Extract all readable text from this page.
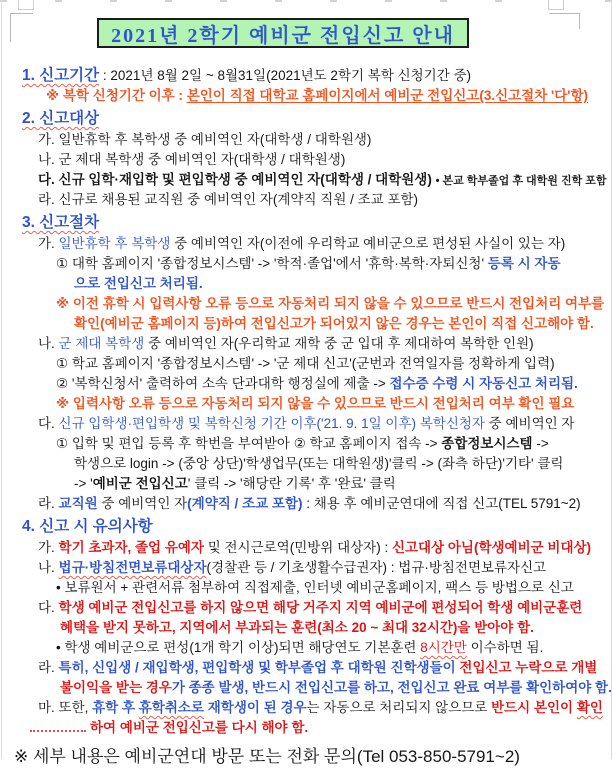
2021년 2학기 예비군 전입신고 안내
1. 신고기간 : 2021년 8월 2일 ~ 8월31일(2021년도 2학기 복학 신청기간 중)
※ 복학 신청기간 이후 : 본인이 직접 대학교 홈페이지에서 예비군 전입신고(3.신고절차 '다'항)
2. 신고대상
가. 일반휴학 후 복학생 중 예비역인 자(대학생 / 대학원생)
나. 군 제대 복학생 중 예비역인 자(대학생 / 대학원생)
다. 신규 입학·재입학 및 편입학생 중 예비역인 자(대학생 / 대학원생) • 본교 학부졸업 후 대학원 진학 포함
라. 신규로 채용된 교직원 중 예비역인 자(계약직 직원 / 조교 포함)
3. 신고절차
가. 일반휴학 후 복학생 중 예비역인 자(이전에 우리학교 예비군으로 편성된 사실이 있는 자)
① 대학 홈페이지 '종합정보시스템' -> '학적·졸업'에서 '휴학·복학·자퇴신청' 등록 시 자동
으로 전입신고 처리됨.
※ 이전 휴학 시 입력사항 오류 등으로 자동처리 되지 않을 수 있으므로 반드시 전입처리 여부를
확인(예비군 홈페이지 등)하여 전입신고가 되어있지 않은 경우는 본인이 직접 신고해야 함.
나. 군 제대 복학생 중 예비역인 자(우리학교 재학 중 군 입대 후 제대하여 복학한 인원)
① 학교 홈페이지 '종합정보시스템' -> '군 제대 신고'(군번과 전역일자를 정확하게 입력)
② '복학신청서' 출력하여 소속 단과대학 행정실에 제출 -> 접수증 수령 시 자동신고 처리됨.
※ 입력사항 오류 등으로 자동처리 되지 않을 수 있으므로 반드시 전입처리 여부 확인 필요
다. 신규 입학생·편입학생 및 복학신청 기간 이후('21. 9. 1일 이후) 복학신청자 중 예비역인 자
① 입학 및 편입 등록 후 학번을 부여받아 ② 학교 홈페이지 접속 -> 종합정보시스템 ->
학생으로 login -> (중앙 상단)'학생업무(또는 대학원생)'클릭 -> (좌측 하단)'기타' 클릭
-> '예비군 전입신고' 클릭 -> '해당란 기록' 후 '완료' 클릭
라. 교직원 중 예비역인 자(계약직 / 조교 포함) : 채용 후 예비군연대에 직접 신고(TEL 5791~2)
4. 신고 시 유의사항
가. 학기 초과자, 졸업 유예자 및 전시근로역(민방위 대상자) : 신고대상 아님(학생예비군 비대상)
나. 법규·방침전면보류대상자(경찰관 등 / 기초생활수급권자) : 법규·방침전면보류자신고
• 보류원서 + 관련서류 첨부하여 직접제출, 인터넷 예비군홈페이지, 팩스 등 방법으로 신고
다. 학생 예비군 전입신고를 하지 않으면 해당 거주지 지역 예비군에 편성되어 학생 예비군훈련
혜택을 받지 못하고, 지역에서 부과되는 훈련(최소 20 ~ 최대 32시간)을 받아야 함.
• 학생 예비군으로 편성(1개 학기 이상)되면 해당연도 기본훈련 8시간만 이수하면 됨.
라. 특히, 신입생 / 재입학생, 편입학생 및 학부졸업 후 대학원 진학생들이 전입신고 누락으로 개별
불이익을 받는 경우가 종종 발생, 반드시 전입신고를 하고, 전입신고 완료 여부를 확인하여야 함.
마. 또한, 휴학 후 휴학취소로 재학생이 된 경우는 자동으로 처리되지 않으므로 반드시 본인이 확인
하여 예비군 전입신고를 다시 해야 함.
※ 세부 내용은 예비군연대 방문 또는 전화 문의(Tel 053-850-5791~2)
